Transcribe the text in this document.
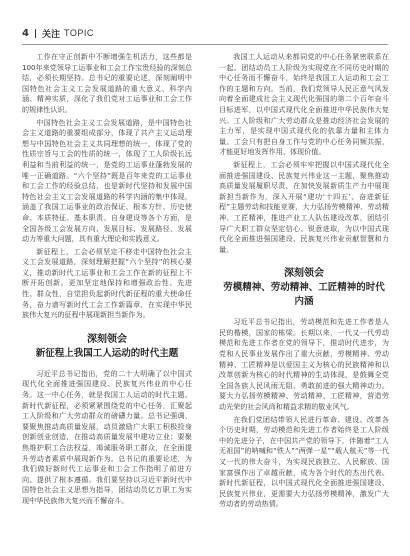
4 关注 TOPIC

工作在守正创新中不断增强生机活力，这些都是100年来党领导工运事业和工会工作宝贵经验的深刻总结，必须长期坚持。总书记的重要论述，深刻阐明中国特色社会主义工会发展道路的重大意义、科学内涵、精神实质，深化了我们党对工运事业和工会工作的规律性认识。

中国特色社会主义工会发展道路，是中国特色社会主义道路的重要组成部分，体现了共产主义运动理想与中国特色社会主义共同理想的统一，体现了党的性质宗旨与工会的性质的统一，体现了工人阶级长远利益和当前利益的统一，是党的工运事业蓬勃发展的唯一正确道路。“六个坚持”既是百年来党的工运事业和工会工作的经验总结，也是新时代坚持和发展中国特色社会主义工会发展道路的科学内涵的集中体现，涵盖了我国工运事业的政治保证、根本方针、历史使命、本质特征、基本职责、自身建设等各个方面，是全国各级工会发展方向、发展目标、发展路径、发展动力等重大问题，具有重大理论和实践意义。

新征程上，工会必须坚定不移走中国特色社会主义工会发展道路，深刻理解把握“六个坚持”的核心要义，推动新时代工运事业和工会工作在新的征程上不断开拓创新。更加坚定地保持和增强政治性、先进性、群众性，自觉担负起新时代新征程的重大使命任务，奋力谱写新时代工会工作新篇章，在实现中华民族伟大复兴的征程中展现新担当新作为。

深刻领会
新征程上我国工人运动的时代主题

习近平总书记指出，党的二十大明确了以中国式现代化全面推进强国建设、民族复兴伟业的中心任务。这一中心任务，就是我国工人运动的时代主题。新时代新征程，必须紧紧围绕党的中心任务，汇聚起工人阶级和广大劳动群众的磅礴力量。总书记强调，要聚焦推动高质量发展，动员激励广大职工积极投身创新创业创造，在推动高质量发展中建功立业；要聚焦维护职工合法权益，竭诚服务职工群众，在全面提升劳动者素质中展现新作为。总书记的重要论述，为我们做好新时代工运事业和工会工作指明了前进方向、提供了根本遵循。我们要坚持以习近平新时代中国特色社会主义思想为指导，团结动员亿万职工为实现中华民族伟大复兴而不懈奋斗。

我国工人运动从来都同党的中心任务紧密联系在一起。团结动员工人阶级为实现党在不同历史时期的中心任务而不懈奋斗，始终是我国工人运动和工会工作的主题和方向。当前，我们党领导人民正意气风发向着全面建成社会主义现代化强国的第二个百年奋斗目标进军，以中国式现代化全面推进中华民族伟大复兴。工人阶级和广大劳动群众是推动经济社会发展的主力军，是实现中国式现代化的依靠力量和主体力量。工会只有把自身工作与党的中心任务同频共振，才能更好地发挥作用、体现价值。

新征程上，工会必须牢牢把握以中国式现代化全面推进强国建设、民族复兴伟业这一主题，聚焦推动高质量发展履职尽责，在加快发展新质生产力中展现新担当新作为，深入开展“建功‘十四五’、奋进新征程”主题劳动和技能竞赛，大力弘扬劳模精神、劳动精神、工匠精神，推进产业工人队伍建设改革，团结引导广大职工群众坚定信心、锐意进取，为以中国式现代化全面推进强国建设、民族复兴伟业贡献智慧和力量。

深刻领会
劳模精神、劳动精神、工匠精神的时代内涵

习近平总书记指出，劳动模范和先进工作者是人民的楷模，国家的栋梁。长期以来，一代又一代劳动模范和先进工作者在党的领导下，推动时代进步，为党和人民事业发展作出了重大贡献，劳模精神、劳动精神、工匠精神是以爱国主义为核心的民族精神和以改革创新为核心的时代精神的生动体现，是鼓舞全党全国各族人民风雨无阻、勇敢前进的强大精神动力。要大力弘扬劳模精神、劳动精神、工匠精神，营造劳动光荣的社会风尚和精益求精的敬业风气。

在我们党团结带领人民进行革命、建设、改革各个历史时期，劳动模范和先进工作者始终是工人阶级中的先进分子，在中国共产党的领导下，伴随着“工人无祖国”的呐喊和“铁人”“两弹一星”“载人航天”等一代又一代的伟大奋斗，为实现民族独立、人民解放、国家富强作出了卓越贡献，成为各个时代的杰出代表。新时代新征程，以中国式现代化全面推进强国建设、民族复兴伟业，更需要大力弘扬劳模精神，激发广大劳动者的劳动热情。
